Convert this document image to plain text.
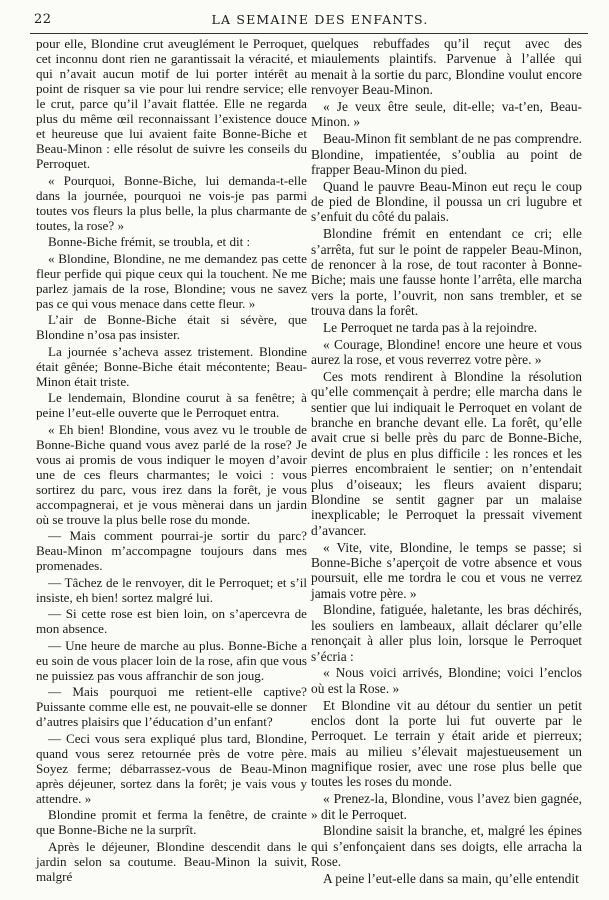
22	LA SEMAINE DES ENFANTS.

pour elle, Blondine crut aveuglément le Perroquet, cet inconnu dont rien ne garantissait la véracité, et qui n’avait aucun motif de lui porter intérêt au point de risquer sa vie pour lui rendre service; elle le crut, parce qu’il l’avait flattée. Elle ne regarda plus du même œil reconnaissant l’existence douce et heureuse que lui avaient faite Bonne-Biche et Beau-Minon : elle résolut de suivre les conseils du Perroquet.

« Pourquoi, Bonne-Biche, lui demanda-t-elle dans la journée, pourquoi ne vois-je pas parmi toutes vos fleurs la plus belle, la plus charmante de toutes, la rose? »

Bonne-Biche frémit, se troubla, et dit :

« Blondine, Blondine, ne me demandez pas cette fleur perfide qui pique ceux qui la touchent. Ne me parlez jamais de la rose, Blondine; vous ne savez pas ce qui vous menace dans cette fleur. »

L’air de Bonne-Biche était si sévère, que Blondine n’osa pas insister.

La journée s’acheva assez tristement. Blondine était gênée; Bonne-Biche était mécontente; Beau-Minon était triste.

Le lendemain, Blondine courut à sa fenêtre; à peine l’eut-elle ouverte que le Perroquet entra.

« Eh bien! Blondine, vous avez vu le trouble de Bonne-Biche quand vous avez parlé de la rose? Je vous ai promis de vous indiquer le moyen d’avoir une de ces fleurs charmantes; le voici : vous sortirez du parc, vous irez dans la forêt, je vous accompagnerai, et je vous mènerai dans un jardin où se trouve la plus belle rose du monde.

— Mais comment pourrai-je sortir du parc? Beau-Minon m’accompagne toujours dans mes promenades.

— Tâchez de le renvoyer, dit le Perroquet; et s’il insiste, eh bien! sortez malgré lui.

— Si cette rose est bien loin, on s’apercevra de mon absence.

— Une heure de marche au plus. Bonne-Biche a eu soin de vous placer loin de la rose, afin que vous ne puissiez pas vous affranchir de son joug.

— Mais pourquoi me retient-elle captive? Puissante comme elle est, ne pouvait-elle se donner d’autres plaisirs que l’éducation d’un enfant?

— Ceci vous sera expliqué plus tard, Blondine, quand vous serez retournée près de votre père. Soyez ferme; débarrassez-vous de Beau-Minon après déjeuner, sortez dans la forêt; je vais vous y attendre. »

Blondine promit et ferma la fenêtre, de crainte que Bonne-Biche ne la surprît.

Après le déjeuner, Blondine descendit dans le jardin selon sa coutume. Beau-Minon la suivit, malgré

quelques rebuffades qu’il reçut avec des miaulements plaintifs. Parvenue à l’allée qui menait à la sortie du parc, Blondine voulut encore renvoyer Beau-Minon.

« Je veux être seule, dit-elle; va-t’en, Beau-Minon. »

Beau-Minon fit semblant de ne pas comprendre. Blondine, impatientée, s’oublia au point de frapper Beau-Minon du pied.

Quand le pauvre Beau-Minon eut reçu le coup de pied de Blondine, il poussa un cri lugubre et s’enfuit du côté du palais.

Blondine frémit en entendant ce cri; elle s’arrêta, fut sur le point de rappeler Beau-Minon, de renoncer à la rose, de tout raconter à Bonne-Biche; mais une fausse honte l’arrêta, elle marcha vers la porte, l’ouvrit, non sans trembler, et se trouva dans la forêt.

Le Perroquet ne tarda pas à la rejoindre.

« Courage, Blondine! encore une heure et vous aurez la rose, et vous reverrez votre père. »

Ces mots rendirent à Blondine la résolution qu’elle commençait à perdre; elle marcha dans le sentier que lui indiquait le Perroquet en volant de branche en branche devant elle. La forêt, qu’elle avait crue si belle près du parc de Bonne-Biche, devint de plus en plus difficile : les ronces et les pierres encombraient le sentier; on n’entendait plus d’oiseaux; les fleurs avaient disparu; Blondine se sentit gagner par un malaise inexplicable; le Perroquet la pressait vivement d’avancer.

« Vite, vite, Blondine, le temps se passe; si Bonne-Biche s’aperçoit de votre absence et vous poursuit, elle me tordra le cou et vous ne verrez jamais votre père. »

Blondine, fatiguée, haletante, les bras déchirés, les souliers en lambeaux, allait déclarer qu’elle renonçait à aller plus loin, lorsque le Perroquet s’écria :

« Nous voici arrivés, Blondine; voici l’enclos où est la Rose. »

Et Blondine vit au détour du sentier un petit enclos dont la porte lui fut ouverte par le Perroquet. Le terrain y était aride et pierreux; mais au milieu s’élevait majestueusement un magnifique rosier, avec une rose plus belle que toutes les roses du monde.

« Prenez-la, Blondine, vous l’avez bien gagnée, » dit le Perroquet.

Blondine saisit la branche, et, malgré les épines qui s’enfonçaient dans ses doigts, elle arracha la Rose.

A peine l’eut-elle dans sa main, qu’elle entendit
